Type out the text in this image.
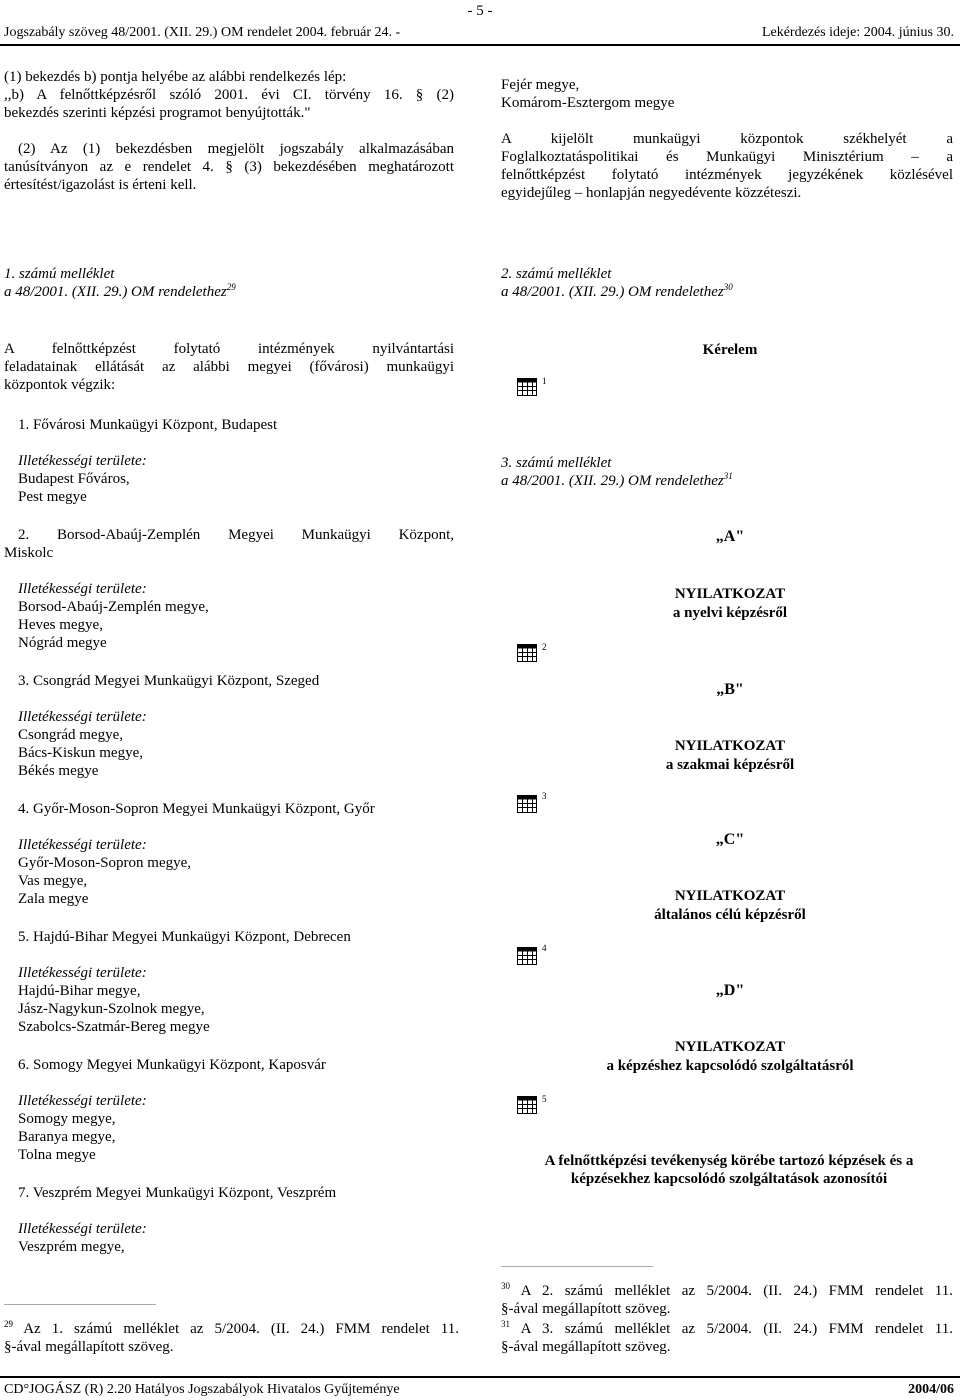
- 5 -
Jogszabály szöveg 48/2001. (XII. 29.) OM rendelet 2004. február 24. -	Lekérdezés ideje: 2004. június 30.

(1) bekezdés b) pontja helyébe az alábbi rendelkezés lép:

,,b) A felnőttképzésről szóló 2001. évi CI. törvény 16. § (2)

bekezdés szerinti képzési programot benyújtották."

(2) Az (1) bekezdésben megjelölt jogszabály alkalmazásában

tanúsítványon az e rendelet 4. § (3) bekezdésében meghatározott

értesítést/igazolást is érteni kell.

Fejér megye,

Komárom-Esztergom megye

A kijelölt munkaügyi központok székhelyét a

Foglalkoztatáspolitikai és Munkaügyi Minisztérium – a

felnőttképzést folytató intézmények jegyzékének közlésével

egyidejűleg – honlapján negyedévente közzéteszi.

1. számú melléklet

a 48/2001. (XII. 29.) OM rendelethez$^{29}$

2. számú melléklet

a 48/2001. (XII. 29.) OM rendelethez$^{30}$

A felnőttképzést folytató intézmények nyilvántartási

feladatainak ellátását az alábbi megyei (fővárosi) munkaügyi

központok végzik:

1. Fővárosi Munkaügyi Központ, Budapest

Illetékességi területe:

Budapest Főváros,

Pest megye

2. Borsod-Abaúj-Zemplén Megyei Munkaügyi Központ,

Miskolc

Illetékességi területe:

Borsod-Abaúj-Zemplén megye,

Heves megye,

Nógrád megye

3. Csongrád Megyei Munkaügyi Központ, Szeged

Illetékességi területe:

Csongrád megye,

Bács-Kiskun megye,

Békés megye

4. Győr-Moson-Sopron Megyei Munkaügyi Központ, Győr

Illetékességi területe:

Győr-Moson-Sopron megye,

Vas megye,

Zala megye

5. Hajdú-Bihar Megyei Munkaügyi Központ, Debrecen

Illetékességi területe:

Hajdú-Bihar megye,

Jász-Nagykun-Szolnok megye,

Szabolcs-Szatmár-Bereg megye

6. Somogy Megyei Munkaügyi Központ, Kaposvár

Illetékességi területe:

Somogy megye,

Baranya megye,

Tolna megye

7. Veszprém Megyei Munkaügyi Központ, Veszprém

Illetékességi területe:

Veszprém megye,

Kérelem
1
2
3
4
5

3. számú melléklet

a 48/2001. (XII. 29.) OM rendelethez$^{31}$

„A"
NYILATKOZAT
a nyelvi képzésről
„B"
NYILATKOZAT
a szakmai képzésről
„C"
NYILATKOZAT
általános célú képzésről
„D"
NYILATKOZAT
a képzéshez kapcsolódó szolgáltatásról

A felnőttképzési tevékenység körébe tartozó képzések és a

képzésekhez kapcsolódó szolgáltatások azonosítói

$^{29}$ Az 1. számú melléklet az 5/2004. (II. 24.) FMM rendelet 11.

§-ával megállapított szöveg.

$^{30}$ A 2. számú melléklet az 5/2004. (II. 24.) FMM rendelet 11.

§-ával megállapított szöveg.

$^{31}$ A 3. számú melléklet az 5/2004. (II. 24.) FMM rendelet 11.

§-ával megállapított szöveg.

CD°JOGÁSZ (R) 2.20 Hatályos Jogszabályok Hivatalos Gyűjteménye	2004/06
